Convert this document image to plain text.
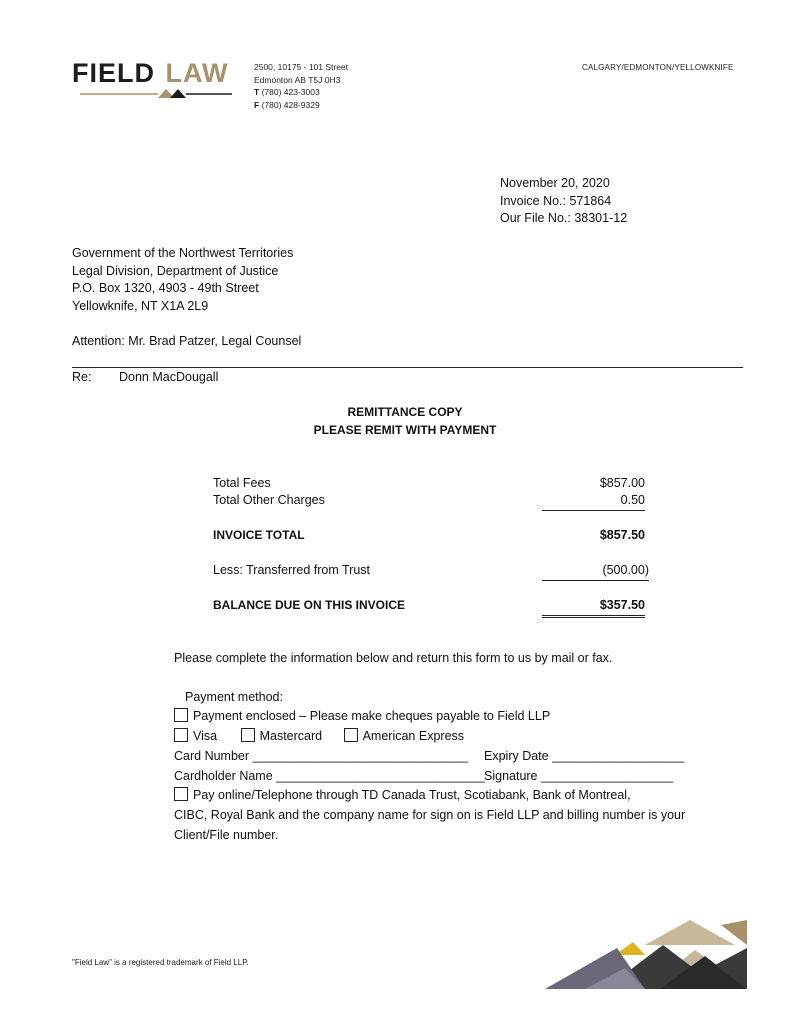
FIELD LAW	2500, 10175 - 101 Street
Edmonton AB T5J 0H3
T (780) 423-3003
F (780) 428-9329
CALGARY/EDMONTON/YELLOWKNIFE
November 20, 2020
Invoice No.: 571864
Our File No.: 38301-12
Government of the Northwest Territories
Legal Division, Department of Justice
P.O. Box 1320, 4903 - 49th Street
Yellowknife, NT X1A 2L9
Attention: Mr. Brad Patzer, Legal Counsel
Re: Donn MacDougall
REMITTANCE COPY
PLEASE REMIT WITH PAYMENT
Total Fees	$857.00
Total Other Charges	0.50
INVOICE TOTAL	$857.50
Less: Transferred from Trust	(500.00)
BALANCE DUE ON THIS INVOICE	$357.50
Please complete the information below and return this form to us by mail or fax.
Payment method:
Payment enclosed – Please make cheques payable to Field LLP
Visa	Mastercard	American Express
Card Number _______________________________ Expiry Date ___________________
Cardholder Name ______________________________ Signature ___________________
Pay online/Telephone through TD Canada Trust, Scotiabank, Bank of Montreal,
CIBC, Royal Bank and the company name for sign on is Field LLP and billing number is your
Client/File number.
"Field Law" is a registered trademark of Field LLP.
